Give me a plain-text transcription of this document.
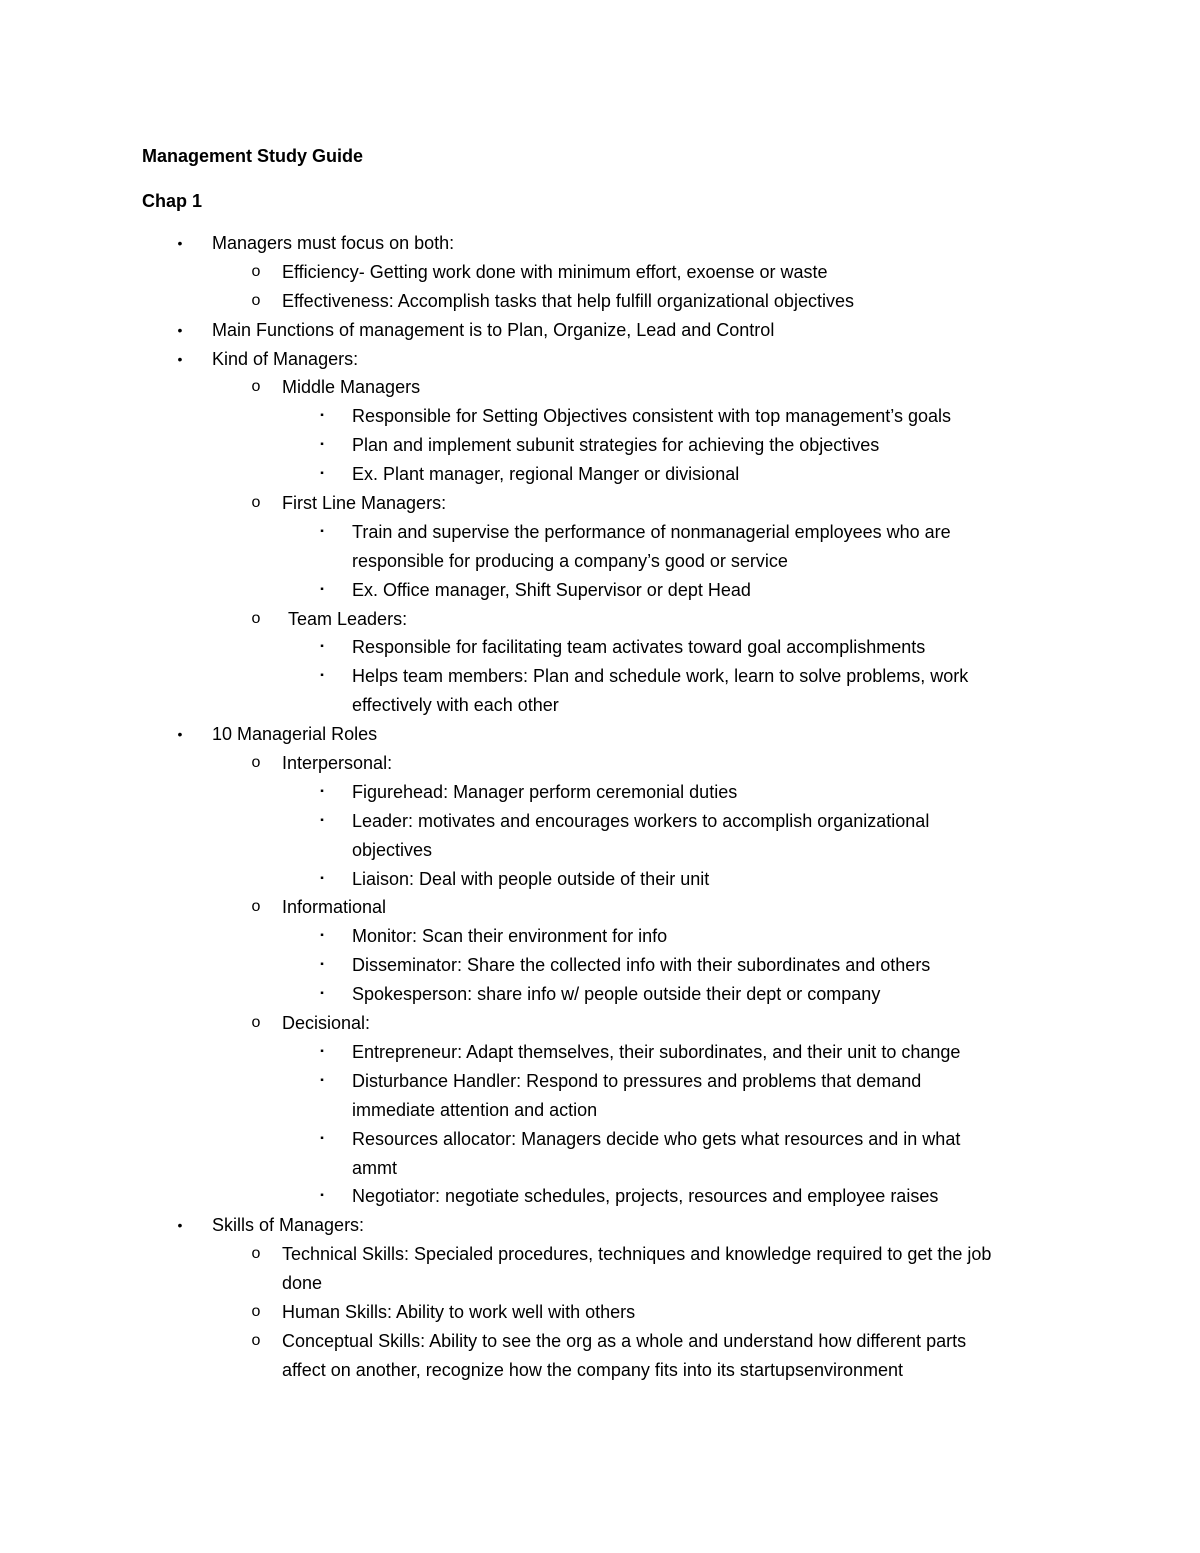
Management Study Guide
Chap 1
•	Managers must focus on both:
o Efficiency- Getting work done with minimum effort, exoense or waste
o Effectiveness: Accomplish tasks that help fulfill organizational objectives
•	Main Functions of management is to Plan, Organize, Lead and Control
•	Kind of Managers:
o Middle Managers
▪	Responsible for Setting Objectives consistent with top management’s goals
▪	Plan and implement subunit strategies for achieving the objectives
▪	Ex. Plant manager, regional Manger or divisional
o First Line Managers:
▪	Train and supervise the performance of nonmanagerial employees who are
responsible for producing a company’s good or service
▪	Ex. Office manager, Shift Supervisor or dept Head
o Team Leaders:
▪	Responsible for facilitating team activates toward goal accomplishments
▪	Helps team members: Plan and schedule work, learn to solve problems, work
effectively with each other
•	10 Managerial Roles
o Interpersonal:
▪	Figurehead: Manager perform ceremonial duties
▪	Leader: motivates and encourages workers to accomplish organizational
objectives
▪	Liaison: Deal with people outside of their unit
o Informational
▪	Monitor: Scan their environment for info
▪	Disseminator: Share the collected info with their subordinates and others
▪	Spokesperson: share info w/ people outside their dept or company
o Decisional:
▪	Entrepreneur: Adapt themselves, their subordinates, and their unit to change
▪	Disturbance Handler: Respond to pressures and problems that demand
immediate attention and action
▪	Resources allocator: Managers decide who gets what resources and in what
ammt
▪	Negotiator: negotiate schedules, projects, resources and employee raises
•	Skills of Managers:
o Technical Skills: Specialed procedures, techniques and knowledge required to get the job
done
o Human Skills: Ability to work well with others
o Conceptual Skills: Ability to see the org as a whole and understand how different parts
affect on another, recognize how the company fits into its startupsenvironment
